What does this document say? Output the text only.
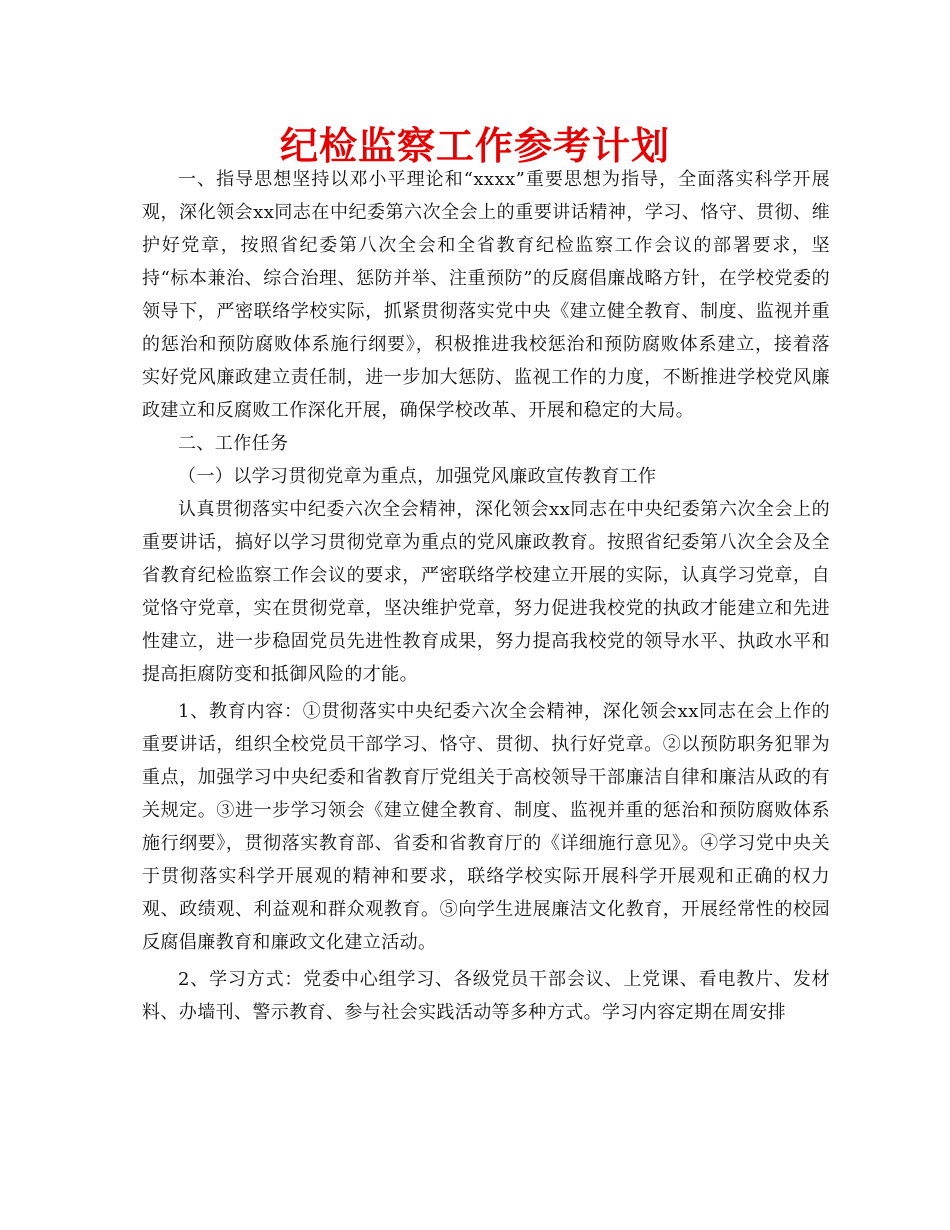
纪检监察工作参考计划

一、指导思想坚持以邓小平理论和“xxxx”重要思想为指导，全面落实科学开展观，深化领会xx同志在中纪委第六次全会上的重要讲话精神，学习、恪守、贯彻、维护好党章，按照省纪委第八次全会和全省教育纪检监察工作会议的部署要求，坚持“标本兼治、综合治理、惩防并举、注重预防”的反腐倡廉战略方针，在学校党委的领导下，严密联络学校实际，抓紧贯彻落实党中央《建立健全教育、制度、监视并重的惩治和预防腐败体系施行纲要》，积极推进我校惩治和预防腐败体系建立，接着落实好党风廉政建立责任制，进一步加大惩防、监视工作的力度，不断推进学校党风廉政建立和反腐败工作深化开展，确保学校改革、开展和稳定的大局。

二、工作任务

（一）以学习贯彻党章为重点，加强党风廉政宣传教育工作

认真贯彻落实中纪委六次全会精神，深化领会xx同志在中央纪委第六次全会上的重要讲话，搞好以学习贯彻党章为重点的党风廉政教育。按照省纪委第八次全会及全省教育纪检监察工作会议的要求，严密联络学校建立开展的实际，认真学习党章，自觉恪守党章，实在贯彻党章，坚决维护党章，努力促进我校党的执政才能建立和先进性建立，进一步稳固党员先进性教育成果，努力提高我校党的领导水平、执政水平和提高拒腐防变和抵御风险的才能。

1、教育内容：①贯彻落实中央纪委六次全会精神，深化领会xx同志在会上作的重要讲话，组织全校党员干部学习、恪守、贯彻、执行好党章。②以预防职务犯罪为重点，加强学习中央纪委和省教育厅党组关于高校领导干部廉洁自律和廉洁从政的有关规定。③进一步学习领会《建立健全教育、制度、监视并重的惩治和预防腐败体系施行纲要》，贯彻落实教育部、省委和省教育厅的《详细施行意见》。④学习党中央关于贯彻落实科学开展观的精神和要求，联络学校实际开展科学开展观和正确的权力观、政绩观、利益观和群众观教育。⑤向学生进展廉洁文化教育，开展经常性的校园反腐倡廉教育和廉政文化建立活动。

2、学习方式：党委中心组学习、各级党员干部会议、上党课、看电教片、发材料、办墙刊、警示教育、参与社会实践活动等多种方式。学习内容定期在周安排
